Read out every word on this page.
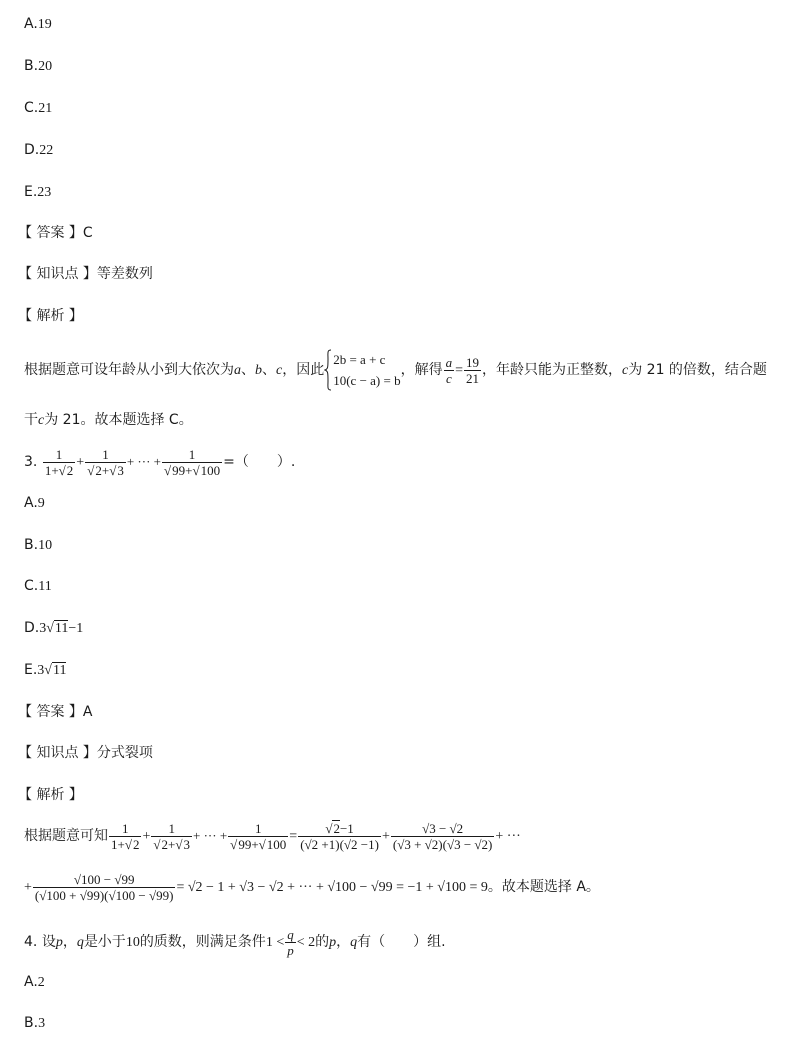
A.19
B.20
C.21
D.22
E.23
【 答案 】C
【 知识点 】等差数列
【 解析 】
根据题意可设年龄从小到大依次为a、b、c，因此
2b = a + c
10(c − a) = b
，解得 $\frac{a}{c} = \frac{19}{21}$ ，年龄只能为正整数，c为 21 的倍数，结合题
干c为 21。故本题选择 C。
3. $\frac{1}{1+√2} + \frac{1}{√2+√3}$ + ··· + $\frac{1}{√99+√100}$ =（　　）.
A.9
B.10
C.11
D.3√11−1
E.3√11
【 答案 】A
【 知识点 】分式裂项
【 解析 】
根据题意可知 $\frac{1}{1+√2} + \frac{1}{√2+√3}$ + ··· + $\frac{1}{√99+√100} = \frac{√2-1}{(√2 +1)(√2 -1)} + \frac{√3 - √2}{(√3 + √2)(√3 - √2)}$ + ···
+ $\frac{√100 - √99}{(√100 + √99)(√100 - √99)} = √2 - 1 + √3 - √2$ + ··· + √100 − √99 = −1 + √100 = 9。故本题选择 A。
4. 设p，q是小于10的质数，则满足条件$1 < \frac{q}{p} < 2$的p，q有（　　）组.
A.2
B.3
